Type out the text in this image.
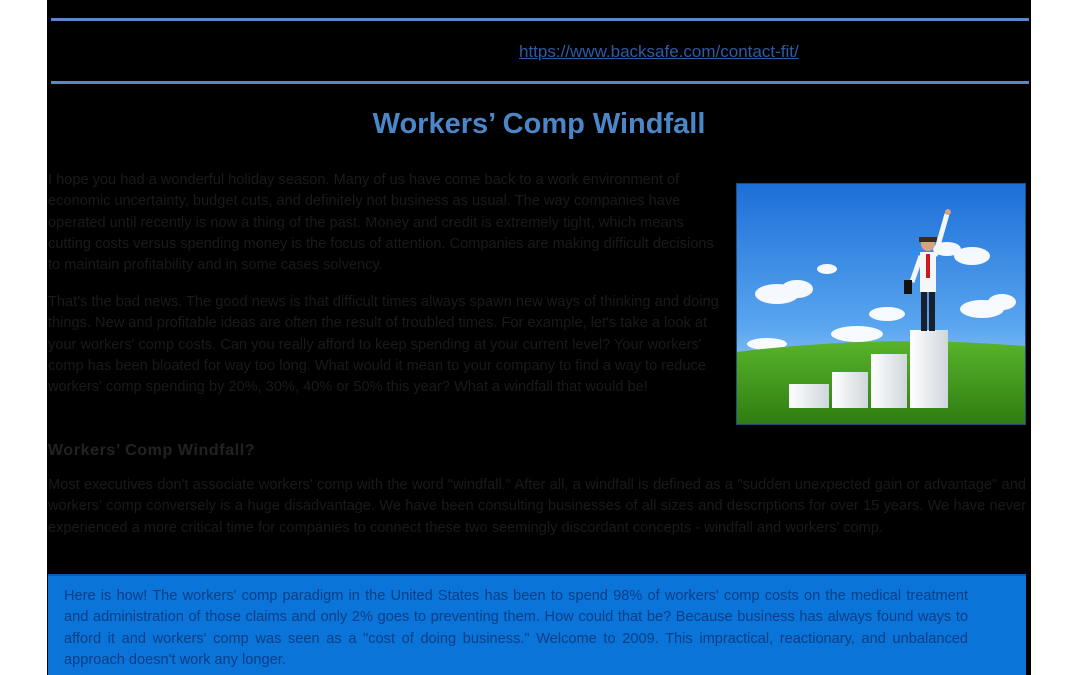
https://www.backsafe.com/contact-fit/
Workers’ Comp Windfall
I hope you had a wonderful holiday season. Many of us have come back to a work environment of economic uncertainty, budget cuts, and definitely not business as usual. The way companies have operated until recently is now a thing of the past. Money and credit is extremely tight, which means cutting costs versus spending money is the focus of attention. Companies are making difficult decisions to maintain profitability and in some cases solvency.
That's the bad news. The good news is that difficult times always spawn new ways of thinking and doing things. New and profitable ideas are often the result of troubled times. For example, let's take a look at your workers' comp costs. Can you really afford to keep spending at your current level? Your workers' comp has been bloated for way too long. What would it mean to your company to find a way to reduce workers' comp spending by 20%, 30%, 40% or 50% this year? What a windfall that would be!
Workers’ Comp Windfall?
Most executives don't associate workers' comp with the word "windfall." After all, a windfall is defined as a "sudden unexpected gain or advantage" and workers' comp conversely is a huge disadvantage. We have been consulting businesses of all sizes and descriptions for over 15 years. We have never experienced a more critical time for companies to connect these two seemingly discordant concepts - windfall and workers’ comp.
Here is how! The workers' comp paradigm in the United States has been to spend 98% of workers' comp costs on the medical treatment and administration of those claims and only 2% goes to preventing them. How could that be? Because business has always found ways to afford it and workers' comp was seen as a "cost of doing business." Welcome to 2009. This impractical, reactionary, and unbalanced approach doesn't work any longer.
